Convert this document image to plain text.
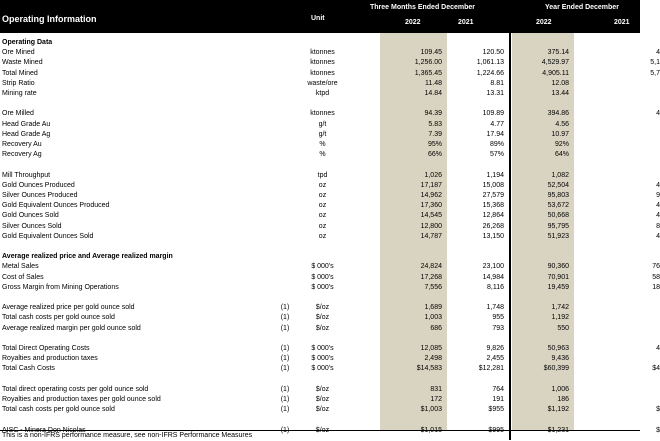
Operating Information	Unit
Three Months Ended December	Year Ended December
2022	2021	2022	2021
Operating Data
Ore Mined	ktonnes	109.45	120.50	375.14	4
Waste Mined	ktonnes	1,256.00	1,061.13	4,529.97	5,1
Total Mined	ktonnes	1,365.45	1,224.66	4,905.11	5,7
Strip Ratio	waste/ore	11.48	8.81	12.08
Mining rate	ktpd	14.84	13.31	13.44
Ore Milled	ktonnes	94.39	109.89	394.86	4
Head Grade Au	g/t	5.83	4.77	4.56
Head Grade Ag	g/t	7.39	17.94	10.97
Recovery Au	%	95%	89%	92%
Recovery Ag	%	66%	57%	64%
Mill Throughput	tpd	1,026	1,194	1,082
Gold Ounces Produced	oz	17,187	15,008	52,504	4
Silver Ounces Produced	oz	14,962	27,579	95,803	9
Gold Equivalent Ounces Produced	oz	17,360	15,368	53,672	4
Gold Ounces Sold	oz	14,545	12,864	50,668	4
Silver Ounces Sold	oz	12,800	26,268	95,795	8
Gold Equivalent Ounces Sold	oz	14,787	13,150	51,923	4
Average realized price and Average realized margin
Metal Sales	$ 000's	24,824	23,100	90,360	76
Cost of Sales	$ 000's	17,268	14,984	70,901	58
Gross Margin from Mining Operations	$ 000's	7,556	8,116	19,459	18
Average realized price per gold ounce sold	(1)	$/oz	1,689	1,748	1,742
Total cash costs per gold ounce sold	(1)	$/oz	1,003	955	1,192
Average realized margin per gold ounce sold	(1)	$/oz	686	793	550
Total Direct Operating Costs	(1)	$ 000's	12,085	9,826	50,963	4
Royalties and production taxes	(1)	$ 000's	2,498	2,455	9,436
Total Cash Costs	(1)	$ 000's	$14,583	$12,281	$60,399	$4
Total direct operating costs per gold ounce sold	(1)	$/oz	831	764	1,006
Royalties and production taxes per gold ounce sold	(1)	$/oz	172	191	186
Total cash costs per gold ounce sold	(1)	$/oz	$1,003	$955	$1,192	$
AISC - Minera Don Nicolas	(1)	$/oz	$1,015	$995	$1,231	$
This is a non-IFRS performance measure, see non-IFRS Performance Measures
